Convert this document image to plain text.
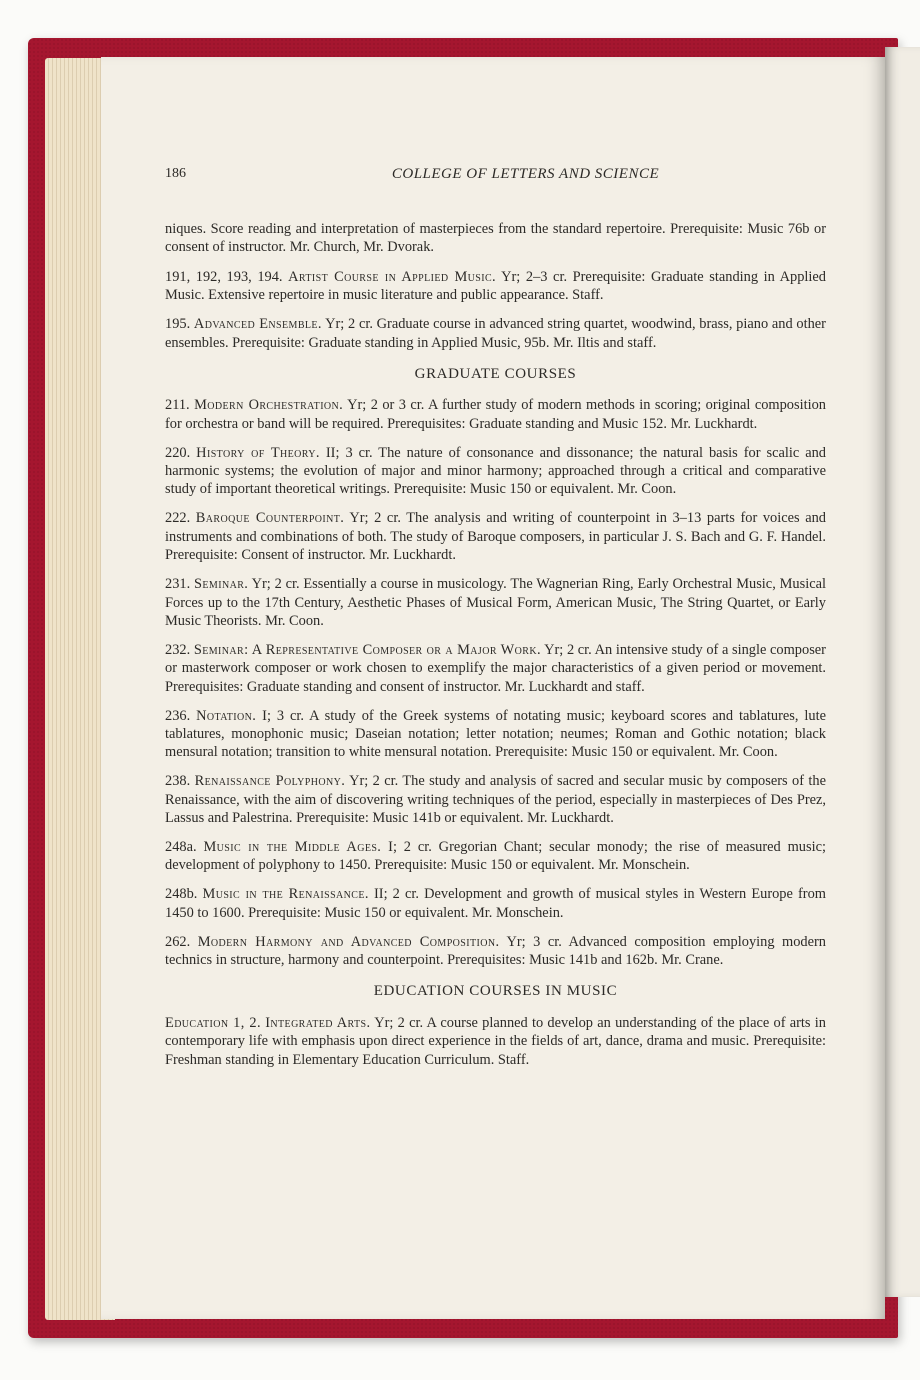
186	COLLEGE OF LETTERS AND SCIENCE

niques. Score reading and interpretation of masterpieces from the standard repertoire. Prerequisite: Music 76b or consent of instructor. Mr. Church, Mr. Dvorak.

191, 192, 193, 194. Artist Course in Applied Music. Yr; 2–3 cr. Prerequisite: Graduate standing in Applied Music. Extensive repertoire in music literature and public appearance. Staff.

195. Advanced Ensemble. Yr; 2 cr. Graduate course in advanced string quartet, woodwind, brass, piano and other ensembles. Prerequisite: Graduate standing in Applied Music, 95b. Mr. Iltis and staff.

GRADUATE COURSES

211. Modern Orchestration. Yr; 2 or 3 cr. A further study of modern methods in scoring; original composition for orchestra or band will be required. Prerequisites: Graduate standing and Music 152. Mr. Luckhardt.

220. History of Theory. II; 3 cr. The nature of consonance and dissonance; the natural basis for scalic and harmonic systems; the evolution of major and minor harmony; approached through a critical and comparative study of important theoretical writings. Prerequisite: Music 150 or equivalent. Mr. Coon.

222. Baroque Counterpoint. Yr; 2 cr. The analysis and writing of counterpoint in 3–13 parts for voices and instruments and combinations of both. The study of Baroque composers, in particular J. S. Bach and G. F. Handel. Prerequisite: Consent of instructor. Mr. Luckhardt.

231. Seminar. Yr; 2 cr. Essentially a course in musicology. The Wagnerian Ring, Early Orchestral Music, Musical Forces up to the 17th Century, Aesthetic Phases of Musical Form, American Music, The String Quartet, or Early Music Theorists. Mr. Coon.

232. Seminar: A Representative Composer or a Major Work. Yr; 2 cr. An intensive study of a single composer or masterwork composer or work chosen to exemplify the major characteristics of a given period or movement. Prerequisites: Graduate standing and consent of instructor. Mr. Luckhardt and staff.

236. Notation. I; 3 cr. A study of the Greek systems of notating music; keyboard scores and tablatures, lute tablatures, monophonic music; Daseian notation; letter notation; neumes; Roman and Gothic notation; black mensural notation; transition to white mensural notation. Prerequisite: Music 150 or equivalent. Mr. Coon.

238. Renaissance Polyphony. Yr; 2 cr. The study and analysis of sacred and secular music by composers of the Renaissance, with the aim of discovering writing techniques of the period, especially in masterpieces of Des Prez, Lassus and Palestrina. Prerequisite: Music 141b or equivalent. Mr. Luckhardt.

248a. Music in the Middle Ages. I; 2 cr. Gregorian Chant; secular monody; the rise of measured music; development of polyphony to 1450. Prerequisite: Music 150 or equivalent. Mr. Monschein.

248b. Music in the Renaissance. II; 2 cr. Development and growth of musical styles in Western Europe from 1450 to 1600. Prerequisite: Music 150 or equivalent. Mr. Monschein.

262. Modern Harmony and Advanced Composition. Yr; 3 cr. Advanced composition employing modern technics in structure, harmony and counterpoint. Prerequisites: Music 141b and 162b. Mr. Crane.

EDUCATION COURSES IN MUSIC

Education 1, 2. Integrated Arts. Yr; 2 cr. A course planned to develop an understanding of the place of arts in contemporary life with emphasis upon direct experience in the fields of art, dance, drama and music. Prerequisite: Freshman standing in Elementary Education Curriculum. Staff.
